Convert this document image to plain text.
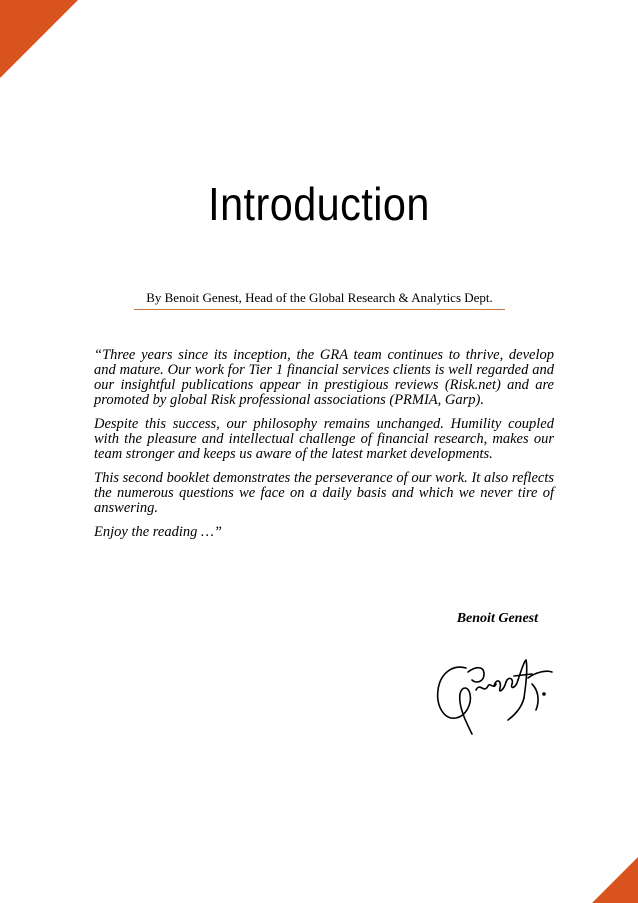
Introduction
By Benoit Genest, Head of the Global Research & Analytics Dept.

“Three years since its inception, the GRA team continues to thrive, develop and mature. Our work for Tier 1 financial services clients is well regarded and our insightful publications appear in prestigious reviews (Risk.net) and are promoted by global Risk professional associations (PRMIA, Garp).

Despite this success, our philosophy remains unchanged. Humility coupled with the pleasure and intellectual challenge of financial research, makes our team stronger and keeps us aware of the latest market developments.

This second booklet demonstrates the perseverance of our work. It also reflects the numerous questions we face on a daily basis and which we never tire of answering.

Enjoy the reading …”

Benoit Genest
